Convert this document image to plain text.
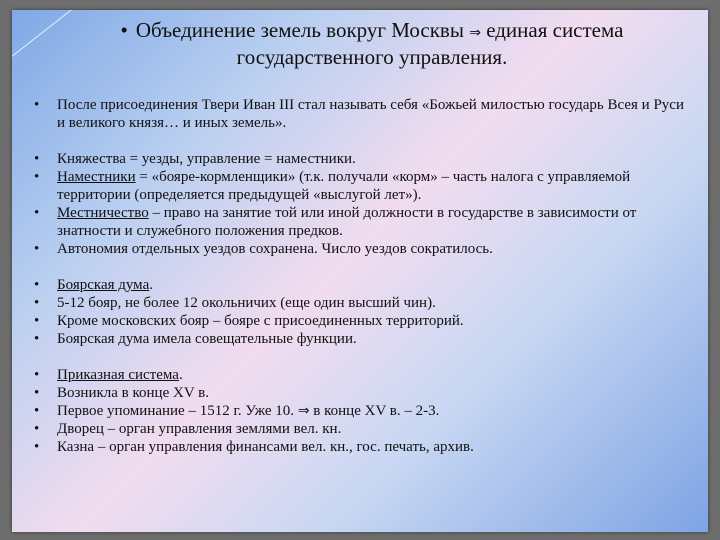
• Объединение земель вокруг Москвы ⇒ единая система
государственного управления.
•	После присоединения Твери Иван III стал называть себя «Божьей милостью государь Всея и Руси и великого князя… и иных земель».
•	Княжества = уезды, управление = наместники.
•	Наместники = «бояре-кормленщики» (т.к. получали «корм» – часть налога с управляемой территории (определяется предыдущей «выслугой лет»).
•	Местничество – право на занятие той или иной должности в государстве в зависимости от знатности и служебного положения предков.
•	Автономия отдельных уездов сохранена. Число уездов сократилось.
•	Боярская дума.
•	5-12 бояр, не более 12 окольничих (еще один высший чин).
•	Кроме московских бояр – бояре с присоединенных территорий.
•	Боярская дума имела совещательные функции.
•	Приказная система.
•	Возникла в конце XV в.
•	Первое упоминание – 1512 г. Уже 10. ⇒ в конце XV в. – 2-3.
•	Дворец – орган управления землями вел. кн.
•	Казна – орган управления финансами вел. кн., гос. печать, архив.
